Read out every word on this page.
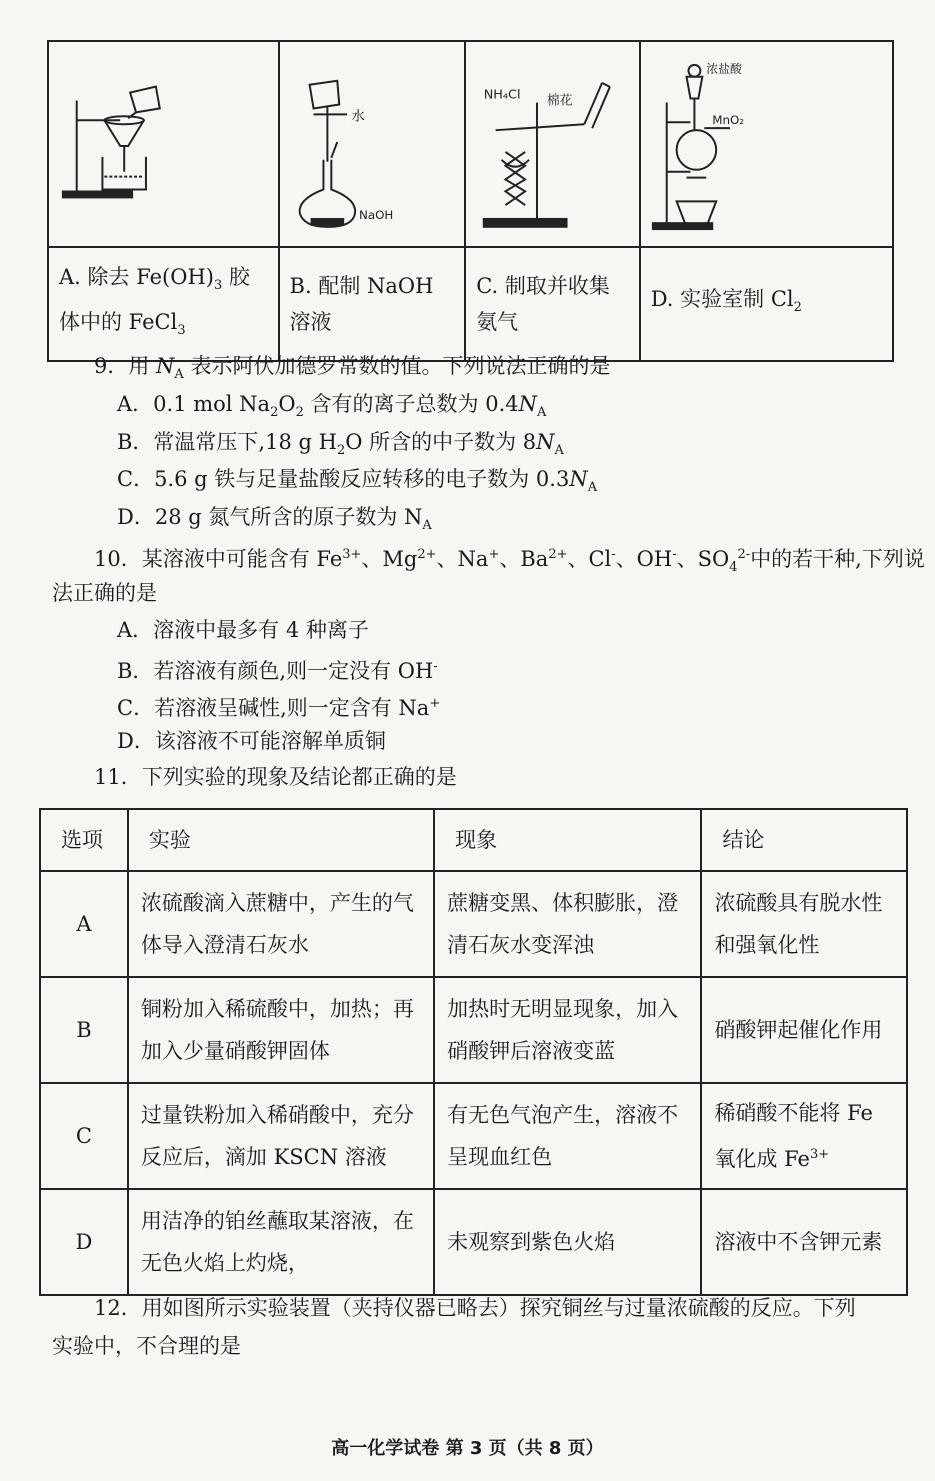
水
NaOH	NH₄Cl 棉花	浓盐酸
MnO₂

A. 除去 $Fe(OH)_3$ 胶体中的 FeCl$_3$	B. 配制 NaOH 溶液	C. 制取并收集氨气	D. 实验室制 $Cl_2$
9．用 $N_A$ 表示阿伏加德罗常数的值。下列说法正确的是
A．0.1 mol $Na_2O_2$ 含有的离子总数为 $0.4N_A$
B．常温常压下,18 g $H_2O$ 所含的中子数为 $8N_A$
C．5.6 g 铁与足量盐酸反应转移的电子数为 $0.3N_A$
D．28 g 氮气所含的原子数为 $N_A$
10．某溶液中可能含有 $Fe^{3+}$、$Mg^{2+}$、Na+、$Ba^{2+}$、Cl-、OH-、$SO_4^{2-}$中的若干种,下列说
法正确的是
A．溶液中最多有 4 种离子
B．若溶液有颜色,则一定没有 OH-
C．若溶液呈碱性,则一定含有 Na+
D．该溶液不可能溶解单质铜
11．下列实验的现象及结论都正确的是
选项	实验	现象	结论
A	浓硫酸滴入蔗糖中，产生的气体导入澄清石灰水	蔗糖变黑、体积膨胀，澄清石灰水变浑浊	浓硫酸具有脱水性和强氧化性
B	铜粉加入稀硫酸中，加热；再加入少量硝酸钾固体	加热时无明显现象，加入硝酸钾后溶液变蓝	硝酸钾起催化作用
C	过量铁粉加入稀硝酸中，充分反应后，滴加 KSCN 溶液	有无色气泡产生，溶液不呈现血红色	稀硝酸不能将 Fe 氧化成 $Fe^{3+}$
D	用洁净的铂丝蘸取某溶液，在无色火焰上灼烧，	未观察到紫色火焰	溶液中不含钾元素
12．用如图所示实验装置（夹持仪器已略去）探究铜丝与过量浓硫酸的反应。下列
实验中，不合理的是
高一化学试卷 第 3 页（共 8 页）
